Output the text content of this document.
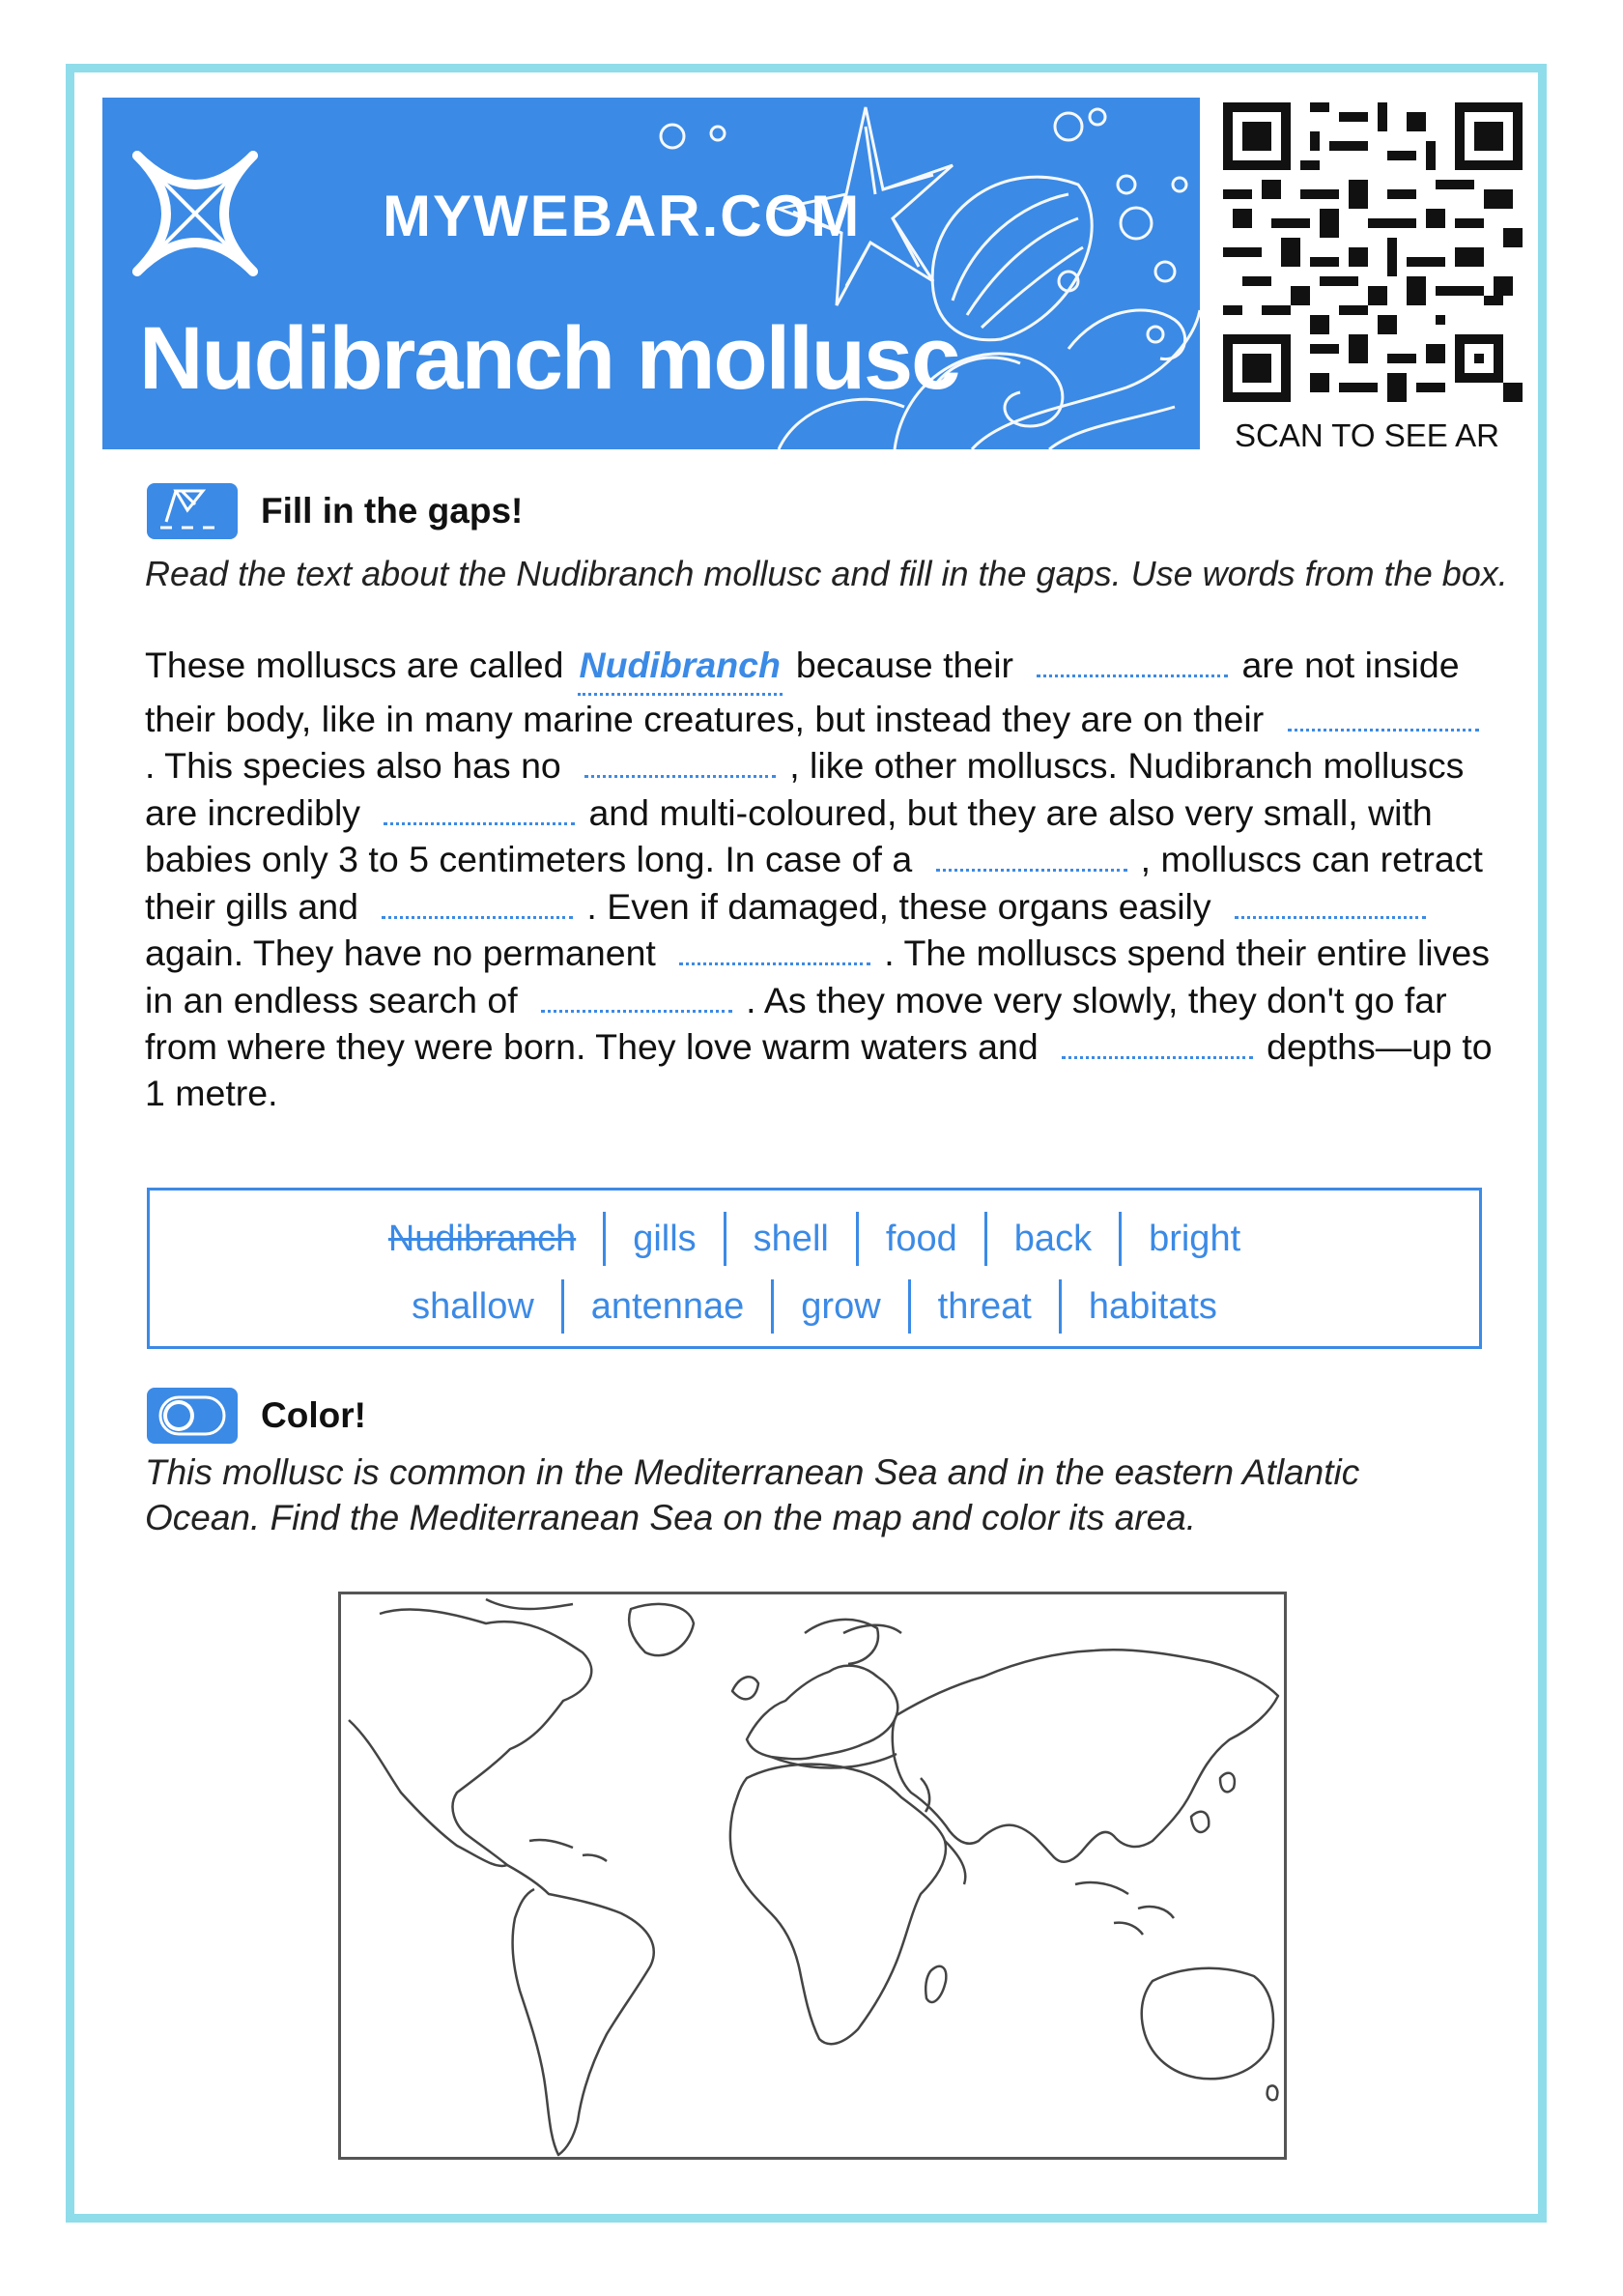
MYWEBAR.COM
Nudibranch mollusc
SCAN TO SEE AR
Fill in the gaps!
Read the text about the Nudibranch mollusc and fill in the gaps. Use words from the box.
These molluscs are called Nudibranch because their	are not inside their body, like in many marine creatures, but instead they are on their . This species also has no	, like other molluscs. Nudibranch molluscs are incredibly	and multi-coloured, but they are also very small, with babies only 3 to 5 centimeters long. In case of a	, molluscs can retract their gills and	. Even if damaged, these organs easily again. They have no permanent	. The molluscs spend their entire lives in an endless search of	. As they move very slowly, they don't go far from where they were born. They love warm waters and	depths—up to 1 metre.
Nudibranch	gills	shell	food	back	bright
shallow	antennae	grow	threat	habitats
Color!
This mollusc is common in the Mediterranean Sea and in the eastern Atlantic
Ocean. Find the Mediterranean Sea on the map and color its area.
